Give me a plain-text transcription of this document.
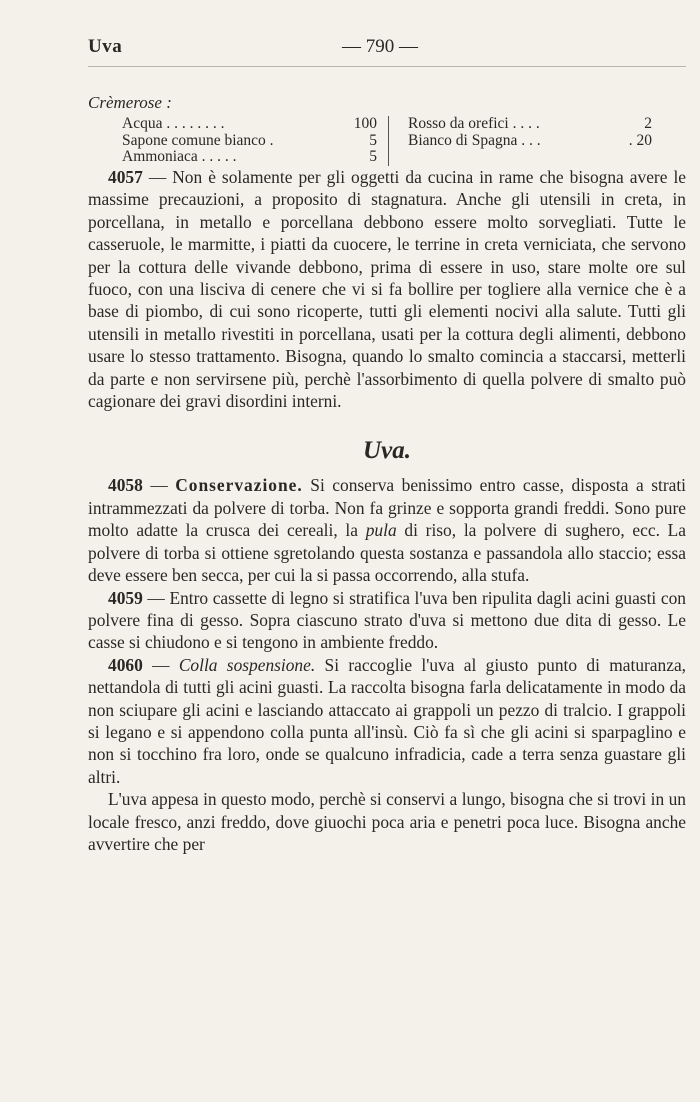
Uva	— 790 —
Crèmerose :
Acqua . . . . . . . .	100
Sapone comune bianco .	5
Ammoniaca . . . . .	5
Rosso da orefici . . . .	2
Bianco di Spagna . . .	. 20

4057 — Non è solamente per gli oggetti da cucina in rame che bisogna avere le massime precauzioni, a proposito di stagnatura. Anche gli utensili in creta, in porcellana, in metallo e porcellana debbono essere molto sorvegliati. Tutte le casseruole, le marmitte, i piatti da cuocere, le terrine in creta verniciata, che servono per la cottura delle vivande debbono, prima di essere in uso, stare molte ore sul fuoco, con una lisciva di cenere che vi si fa bollire per togliere alla vernice che è a base di piombo, di cui sono ricoperte, tutti gli elementi nocivi alla salute. Tutti gli utensili in metallo rivestiti in porcellana, usati per la cottura degli alimenti, debbono usare lo stesso trattamento. Bisogna, quando lo smalto comincia a staccarsi, metterli da parte e non servirsene più, perchè l'assorbimento di quella polvere di smalto può cagionare dei gravi disordini interni.

Uva.

4058 — Conservazione. Si conserva benissimo entro casse, disposta a strati intrammezzati da polvere di torba. Non fa grinze e sopporta grandi freddi. Sono pure molto adatte la crusca dei cereali, la pula di riso, la polvere di sughero, ecc. La polvere di torba si ottiene sgretolando questa sostanza e passandola allo staccio; essa deve essere ben secca, per cui la si passa occorrendo, alla stufa.

4059 — Entro cassette di legno si stratifica l'uva ben ripulita dagli acini guasti con polvere fina di gesso. Sopra ciascuno strato d'uva si mettono due dita di gesso. Le casse si chiudono e si tengono in ambiente freddo.

4060 — Colla sospensione. Si raccoglie l'uva al giusto punto di maturanza, nettandola di tutti gli acini guasti. La raccolta bisogna farla delicatamente in modo da non sciupare gli acini e lasciando attaccato ai grappoli un pezzo di tralcio. I grappoli si legano e si appendono colla punta all'insù. Ciò fa sì che gli acini si sparpaglino e non si tocchino fra loro, onde se qualcuno infradicia, cade a terra senza guastare gli altri.

L'uva appesa in questo modo, perchè si conservi a lungo, bisogna che si trovi in un locale fresco, anzi freddo, dove giuochi poca aria e penetri poca luce. Bisogna anche avvertire che per
